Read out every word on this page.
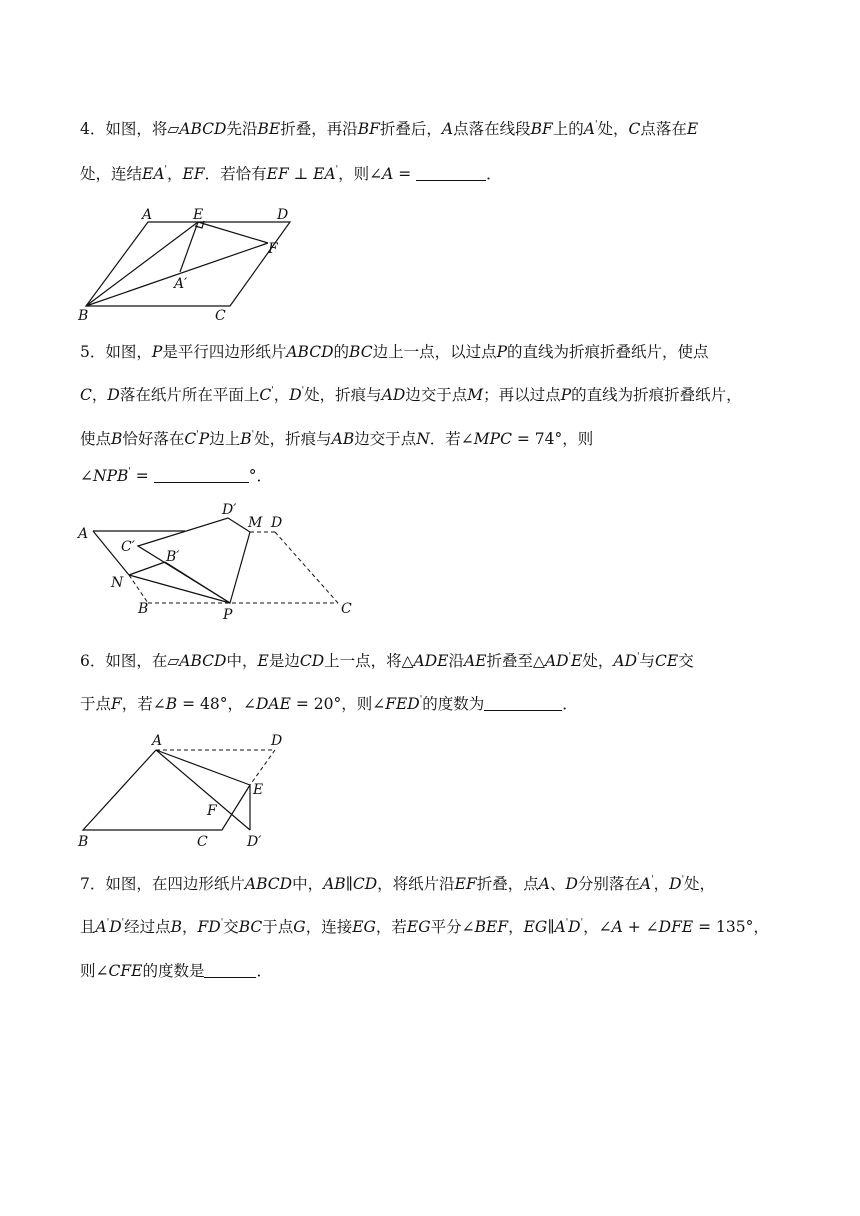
4．如图，将▱ABCD先沿BE折叠，再沿BF折叠后，A点落在线段BF上的A'处，C点落在E
处，连结EA'，EF．若恰有EF ⊥ EA'，则∠A =	．
A	E	D
F
A′
B	C
5．如图，P是平行四边形纸片ABCD的BC边上一点，以过点P的直线为折痕折叠纸片，使点
C，D落在纸片所在平面上C'，D'处，折痕与AD边交于点M；再以过点P的直线为折痕折叠纸片，
使点B恰好落在C'P边上B'处，折痕与AB边交于点N．若∠MPC = 74°，则
∠NPB' =	°．
A
D′
M D
C′
B′
N
B	P	C
6．如图，在▱ABCD中，E是边CD上一点，将△ADE沿AE折叠至△AD'E处，AD'与CE交
于点F，若∠B = 48°，∠DAE = 20°，则∠FED'的度数为	．
A	D
E
F
B	C	D′
7．如图，在四边形纸片ABCD中，AB∥CD，将纸片沿EF折叠，点A、D分别落在A'，D'处，
且A'D'经过点B，FD'交BC于点G，连接EG，若EG平分∠BEF，EG∥A'D'，∠A + ∠DFE = 135°，
则∠CFE的度数是	．
